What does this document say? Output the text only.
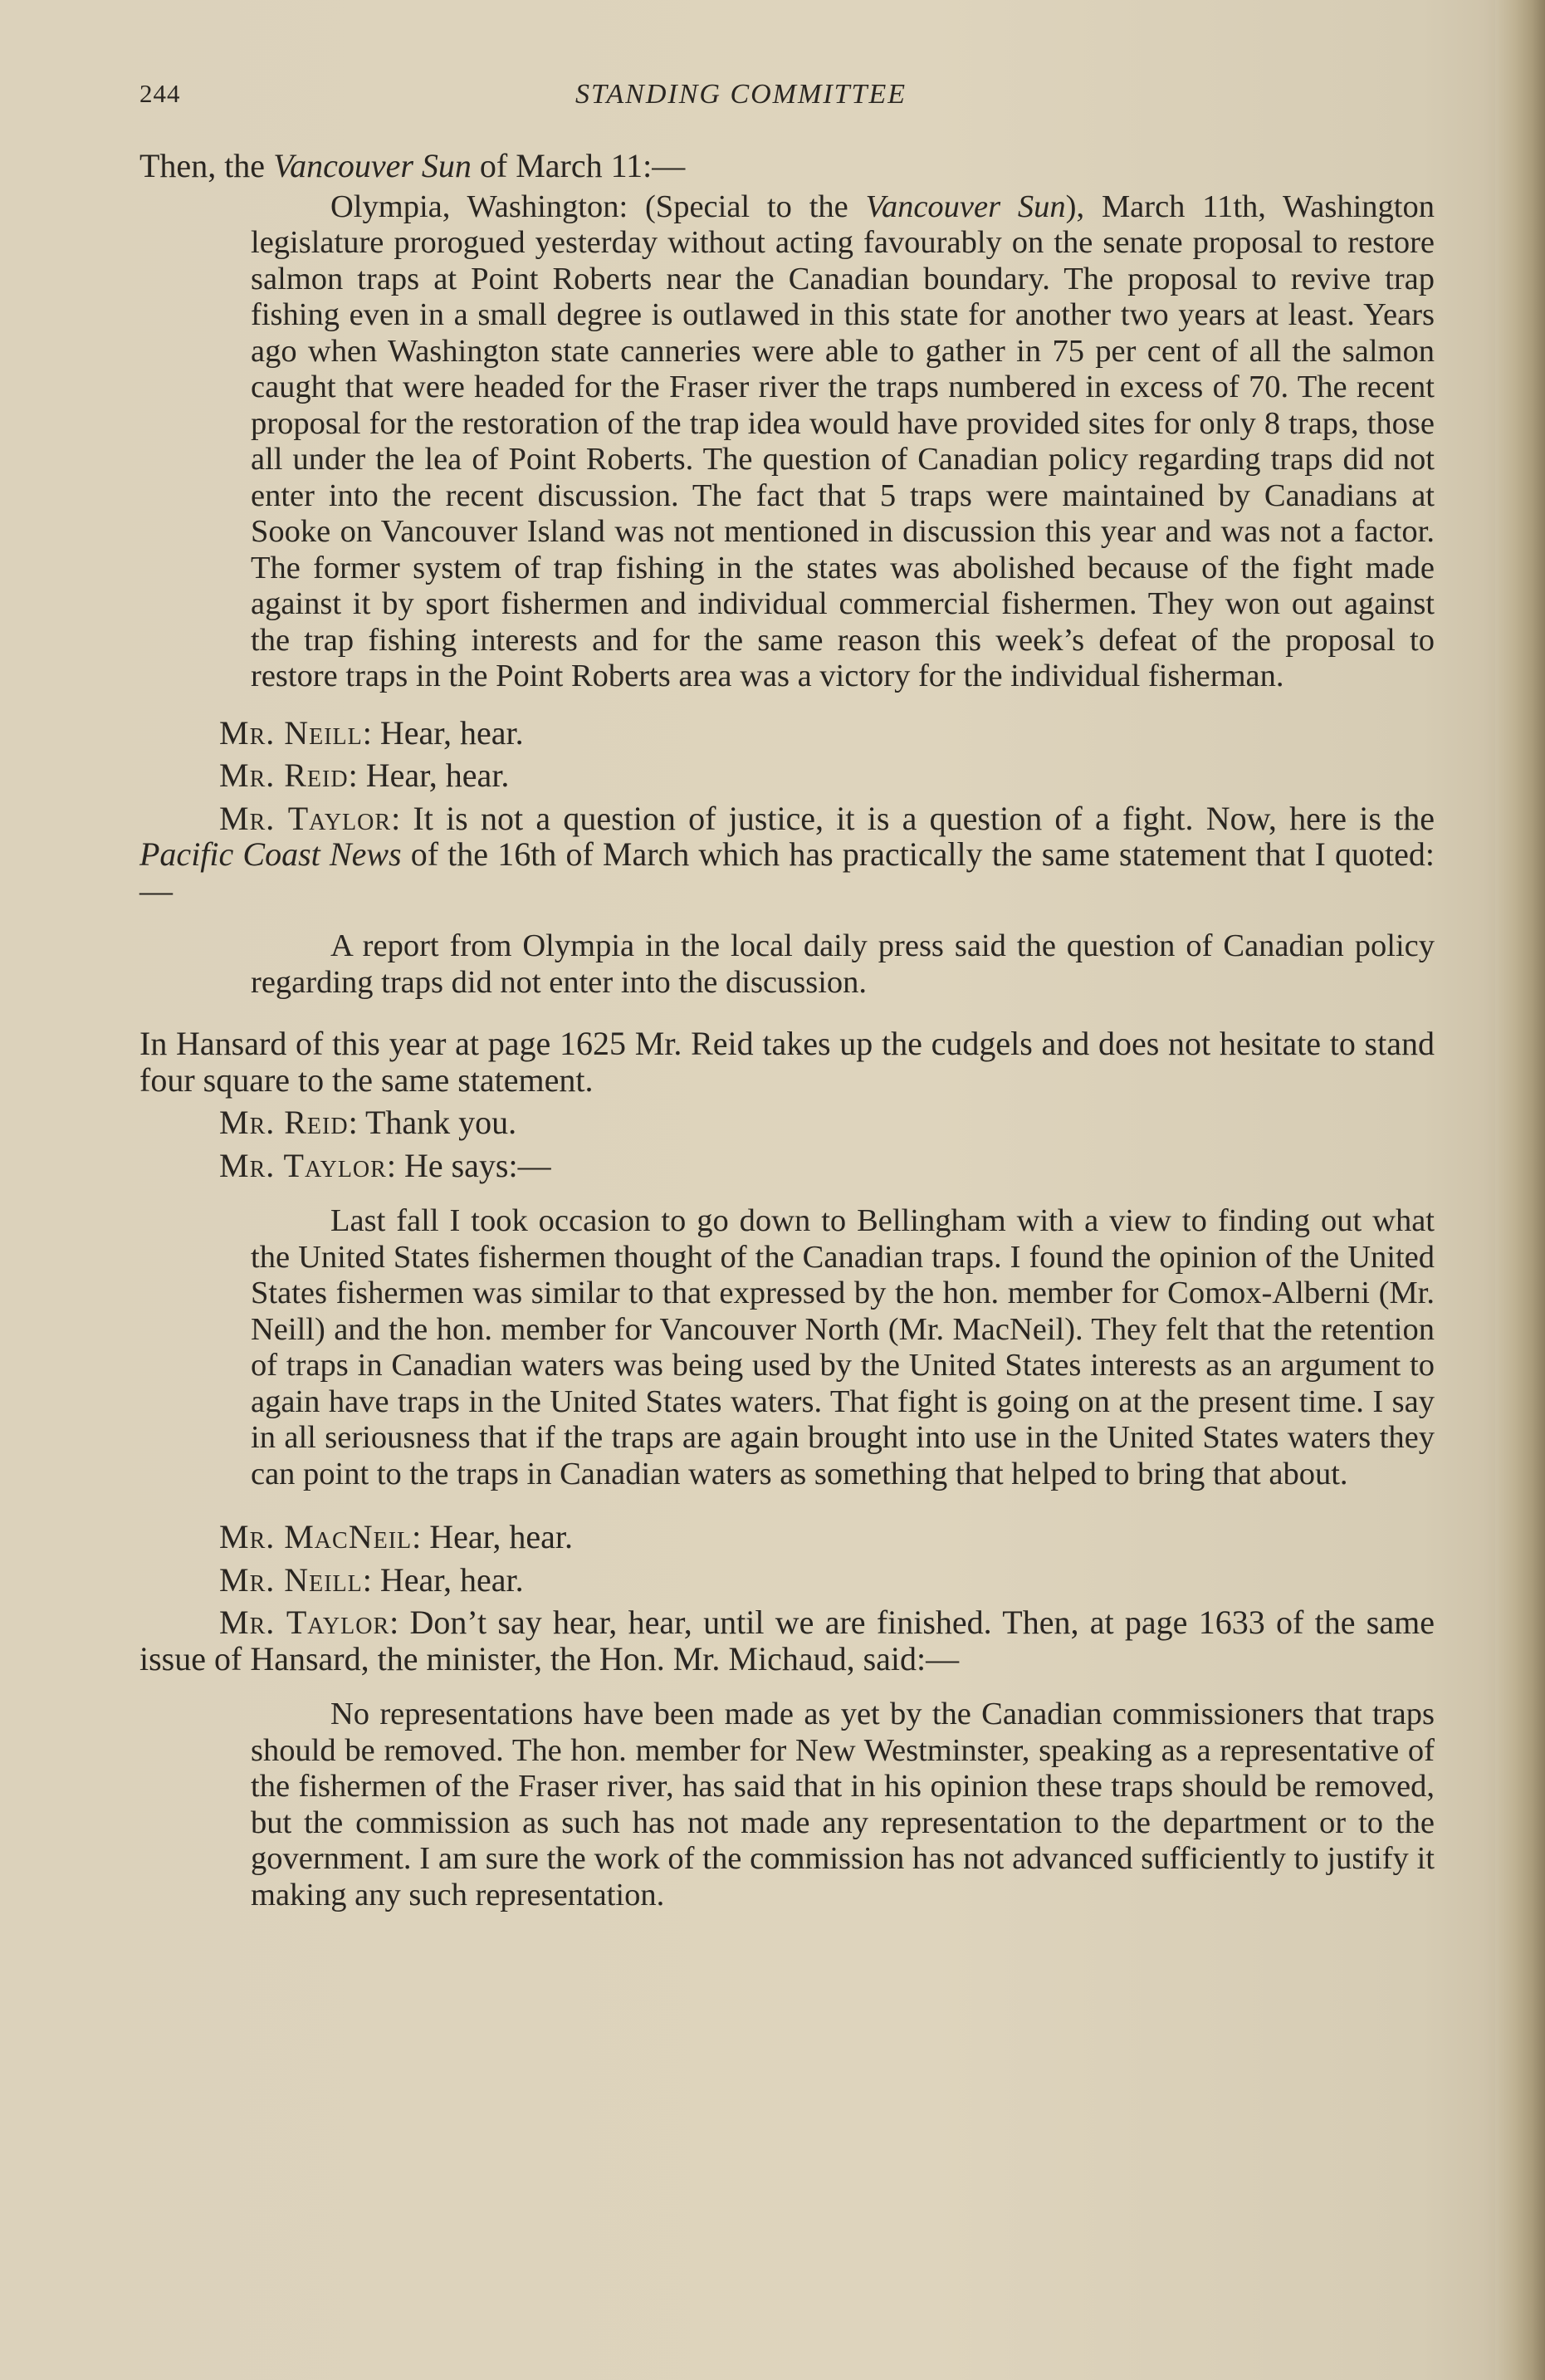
244	STANDING COMMITTEE

Then, the Vancouver Sun of March 11:—

Olympia, Washington: (Special to the Vancouver Sun), March 11th, Washington legislature prorogued yesterday without acting favourably on the senate proposal to restore salmon traps at Point Roberts near the Canadian boundary. The proposal to revive trap fishing even in a small degree is outlawed in this state for another two years at least. Years ago when Washington state canneries were able to gather in 75 per cent of all the salmon caught that were headed for the Fraser river the traps numbered in excess of 70. The recent proposal for the restoration of the trap idea would have provided sites for only 8 traps, those all under the lea of Point Roberts. The question of Canadian policy regarding traps did not enter into the recent discussion. The fact that 5 traps were maintained by Canadians at Sooke on Vancouver Island was not mentioned in discussion this year and was not a factor. The former system of trap fishing in the states was abolished because of the fight made against it by sport fishermen and individual commercial fishermen. They won out against the trap fishing interests and for the same reason this week’s defeat of the proposal to restore traps in the Point Roberts area was a victory for the individual fisherman.

Mr. Neill: Hear, hear.

Mr. Reid: Hear, hear.

Mr. Taylor: It is not a question of justice, it is a question of a fight. Now, here is the Pacific Coast News of the 16th of March which has practically the same statement that I quoted:—

A report from Olympia in the local daily press said the question of Canadian policy regarding traps did not enter into the discussion.

In Hansard of this year at page 1625 Mr. Reid takes up the cudgels and does not hesitate to stand four square to the same statement.

Mr. Reid: Thank you.

Mr. Taylor: He says:—

Last fall I took occasion to go down to Bellingham with a view to finding out what the United States fishermen thought of the Canadian traps. I found the opinion of the United States fishermen was similar to that expressed by the hon. member for Comox-Alberni (Mr. Neill) and the hon. member for Vancouver North (Mr. MacNeil). They felt that the retention of traps in Canadian waters was being used by the United States interests as an argument to again have traps in the United States waters. That fight is going on at the present time. I say in all seriousness that if the traps are again brought into use in the United States waters they can point to the traps in Canadian waters as something that helped to bring that about.

Mr. MacNeil: Hear, hear.

Mr. Neill: Hear, hear.

Mr. Taylor: Don’t say hear, hear, until we are finished. Then, at page 1633 of the same issue of Hansard, the minister, the Hon. Mr. Michaud, said:—

No representations have been made as yet by the Canadian commissioners that traps should be removed. The hon. member for New Westminster, speaking as a representative of the fishermen of the Fraser river, has said that in his opinion these traps should be removed, but the commission as such has not made any representation to the department or to the government. I am sure the work of the commission has not advanced sufficiently to justify it making any such representation.
